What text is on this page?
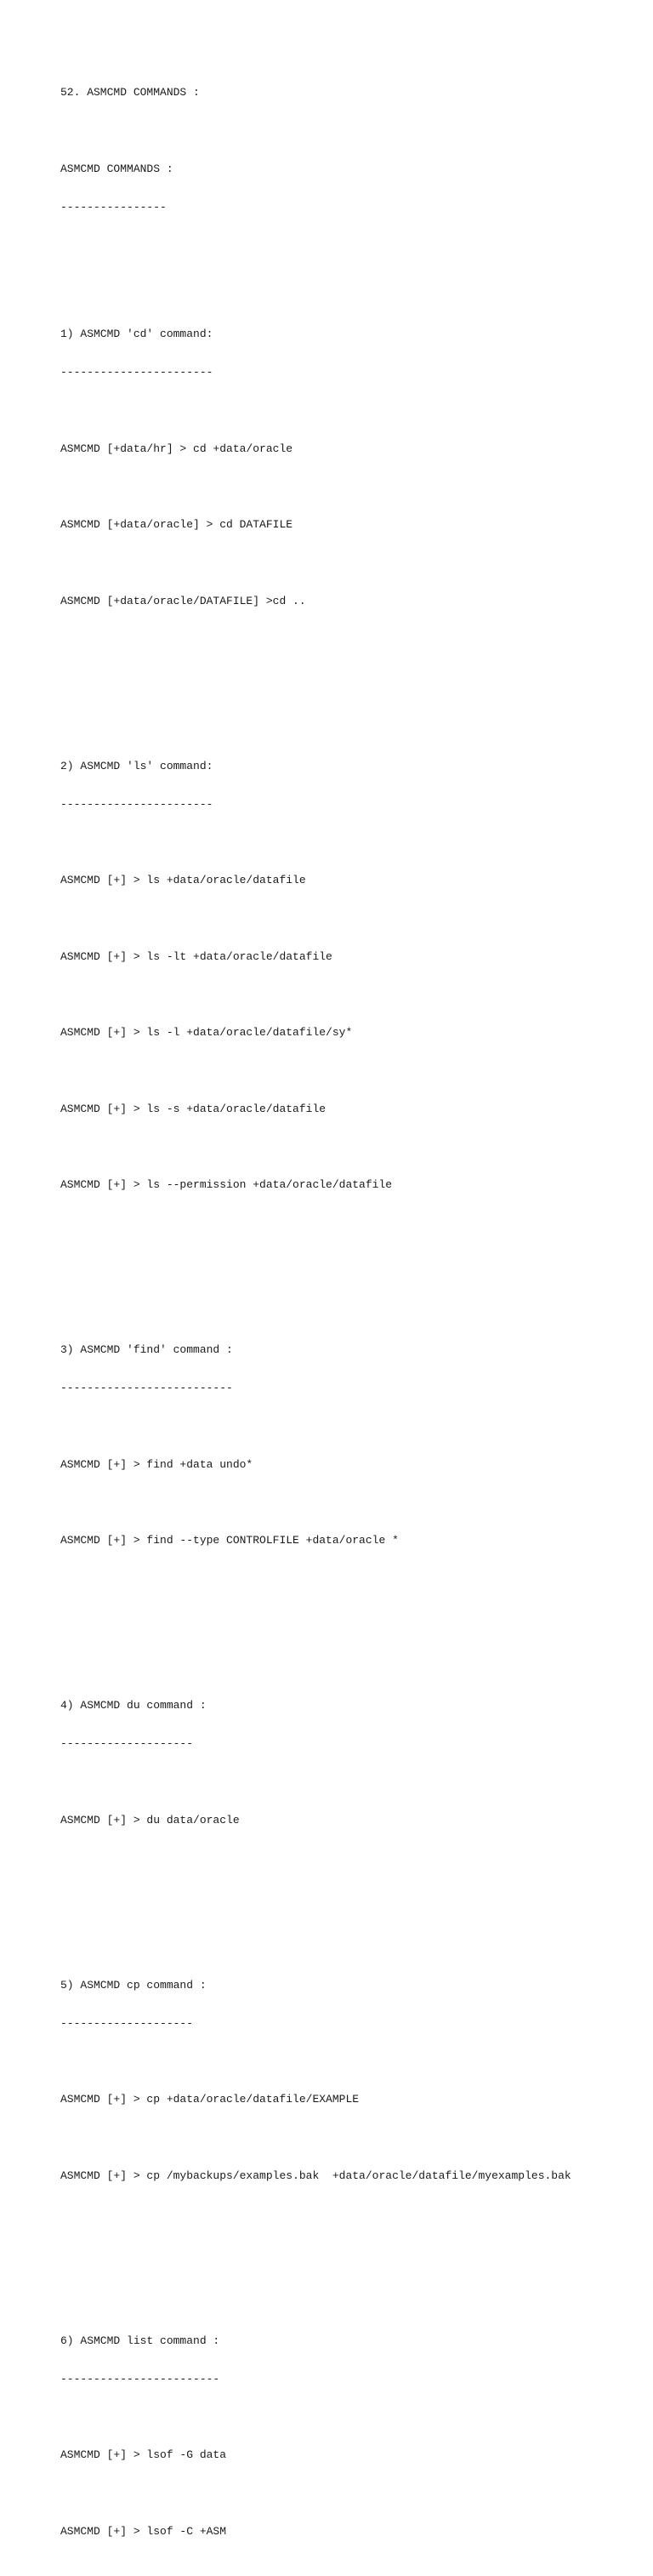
52. ASMCMD COMMANDS :

ASMCMD COMMANDS :

----------------

1) ASMCMD 'cd' command:

-----------------------

ASMCMD [+data/hr] > cd +data/oracle

ASMCMD [+data/oracle] > cd DATAFILE

ASMCMD [+data/oracle/DATAFILE] >cd ..

2) ASMCMD 'ls' command:

-----------------------

ASMCMD [+] > ls +data/oracle/datafile

ASMCMD [+] > ls -lt +data/oracle/datafile

ASMCMD [+] > ls -l +data/oracle/datafile/sy*

ASMCMD [+] > ls -s +data/oracle/datafile

ASMCMD [+] > ls --permission +data/oracle/datafile

3) ASMCMD 'find' command :

--------------------------

ASMCMD [+] > find +data undo*

ASMCMD [+] > find --type CONTROLFILE +data/oracle *

4) ASMCMD du command :

--------------------

ASMCMD [+] > du data/oracle

5) ASMCMD cp command :

--------------------

ASMCMD [+] > cp +data/oracle/datafile/EXAMPLE

ASMCMD [+] > cp /mybackups/examples.bak  +data/oracle/datafile/myexamples.bak

6) ASMCMD list command :

------------------------

ASMCMD [+] > lsof -G data

ASMCMD [+] > lsof -C +ASM
